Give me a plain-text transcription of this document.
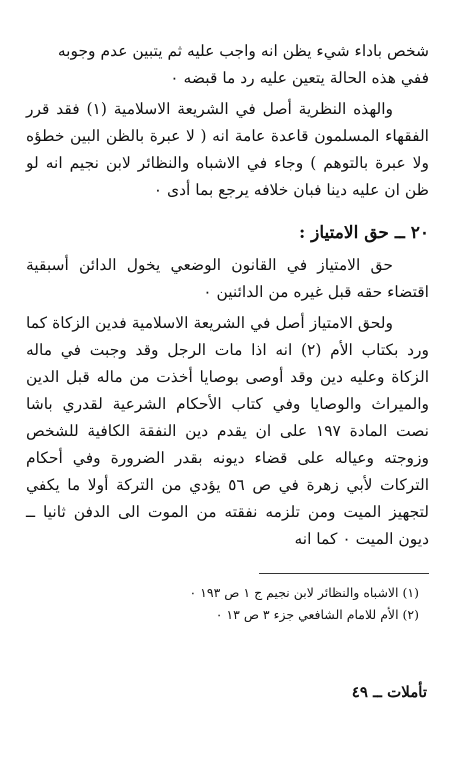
شخص باداء شيء يظن انه واجب عليه ثم يتبين عدم وجوبه

ففي هذه الحالة يتعين عليه رد ما قبضه ٠

والهذه النظرية أصل في الشريعة الاسلامية (١) فقد قرر الفقهاء المسلمون قاعدة عامة انه ( لا عبرة بالظن البين خطؤه ولا عبرة بالتوهم ) وجاء في الاشباه والنظائر لابن نجيم انه لو ظن ان عليه دينا فبان خلافه يرجع بما أدى ٠

٢٠ ــ حق الامتياز :

حق الامتياز في القانون الوضعي يخول الدائن أسبقية اقتضاء حقه قبل غيره من الدائنين ٠

ولحق الامتياز أصل في الشريعة الاسلامية فدين الزكاة كما ورد بكتاب الأم (٢) انه اذا مات الرجل وقد وجبت في ماله الزكاة وعليه دين وقد أوصى بوصايا أخذت من ماله قبل الدين والميراث والوصايا وفي كتاب الأحكام الشرعية لقدري باشا نصت المادة ١٩٧ على ان يقدم دين النفقة الكافية للشخص وزوجته وعياله على قضاء ديونه بقدر الضرورة وفي أحكام التركات لأبي زهرة في ص ٥٦ يؤدي من التركة أولا ما يكفي لتجهيز الميت ومن تلزمه نفقته من الموت الى الدفن ثانيا ــ ديون الميت ٠ كما انه

(١) الاشباه والنظائر لابن نجيم ج ١ ص ١٩٣ ٠

(٢) الأم للامام الشافعي جزء ٣ ص ١٣ ٠

تأملات ــ ٤٩
